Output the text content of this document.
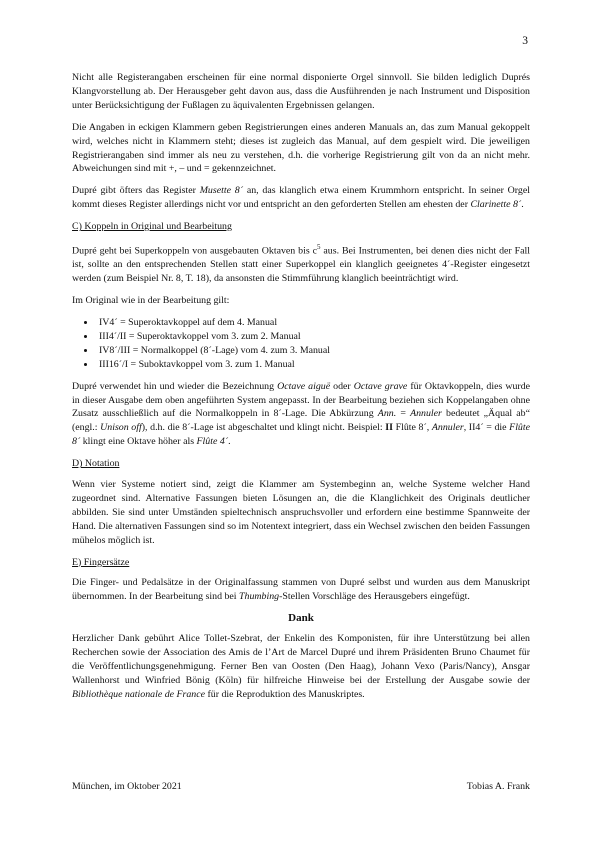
3

Nicht alle Registerangaben erscheinen für eine normal disponierte Orgel sinnvoll. Sie bilden lediglich Duprés Klangvorstellung ab. Der Herausgeber geht davon aus, dass die Ausführenden je nach Instrument und Disposition unter Berücksichtigung der Fußlagen zu äquivalenten Ergebnissen gelangen.

Die Angaben in eckigen Klammern geben Registrierungen eines anderen Manuals an, das zum Manual gekoppelt wird, welches nicht in Klammern steht; dieses ist zugleich das Manual, auf dem gespielt wird. Die jeweiligen Registrierangaben sind immer als neu zu verstehen, d.h. die vorherige Registrierung gilt von da an nicht mehr. Abweichungen sind mit +, – und = gekennzeichnet.

Dupré gibt öfters das Register Musette 8´ an, das klanglich etwa einem Krummhorn entspricht. In seiner Orgel kommt dieses Register allerdings nicht vor und entspricht an den geforderten Stellen am ehesten der Clarinette 8´.

C) Koppeln in Original und Bearbeitung

Dupré geht bei Superkoppeln von ausgebauten Oktaven bis $c^5$ aus. Bei Instrumenten, bei denen dies nicht der Fall ist, sollte an den entsprechenden Stellen statt einer Superkoppel ein klanglich geeignetes 4´-Register eingesetzt werden (zum Beispiel Nr. 8, T. 18), da ansonsten die Stimmführung klanglich beeinträchtigt wird.

Im Original wie in der Bearbeitung gilt:

• IV4´ = Superoktavkoppel auf dem 4. Manual
• III4´/II = Superoktavkoppel vom 3. zum 2. Manual
• IV8´/III = Normalkoppel (8´-Lage) vom 4. zum 3. Manual
• III16´/I = Suboktavkoppel vom 3. zum 1. Manual

Dupré verwendet hin und wieder die Bezeichnung Octave aiguë oder Octave grave für Oktavkoppeln, dies wurde in dieser Ausgabe dem oben angeführten System angepasst. In der Bearbeitung beziehen sich Koppelangaben ohne Zusatz ausschließlich auf die Normalkoppeln in 8´-Lage. Die Abkürzung Ann. = Annuler bedeutet „Äqual ab“ (engl.: Unison off), d.h. die 8´-Lage ist abgeschaltet und klingt nicht. Beispiel: II Flûte 8´, Annuler, II4´ = die Flûte 8´ klingt eine Oktave höher als Flûte 4´.

D) Notation

Wenn vier Systeme notiert sind, zeigt die Klammer am Systembeginn an, welche Systeme welcher Hand zugeordnet sind. Alternative Fassungen bieten Lösungen an, die die Klanglichkeit des Originals deutlicher abbilden. Sie sind unter Umständen spieltechnisch anspruchsvoller und erfordern eine bestimme Spannweite der Hand. Die alternativen Fassungen sind so im Notentext integriert, dass ein Wechsel zwischen den beiden Fassungen mühelos möglich ist.

E) Fingersätze

Die Finger- und Pedalsätze in der Originalfassung stammen von Dupré selbst und wurden aus dem Manuskript übernommen. In der Bearbeitung sind bei Thumbing-Stellen Vorschläge des Herausgebers eingefügt.

Dank

Herzlicher Dank gebührt Alice Tollet-Szebrat, der Enkelin des Komponisten, für ihre Unterstützung bei allen Recherchen sowie der Association des Amis de l’Art de Marcel Dupré und ihrem Präsidenten Bruno Chaumet für die Veröffentlichungsgenehmigung. Ferner Ben van Oosten (Den Haag), Johann Vexo (Paris/Nancy), Ansgar Wallenhorst und Winfried Bönig (Köln) für hilfreiche Hinweise bei der Erstellung der Ausgabe sowie der Bibliothèque nationale de France für die Reproduktion des Manuskriptes.

München, im Oktober 2021	Tobias A. Frank
